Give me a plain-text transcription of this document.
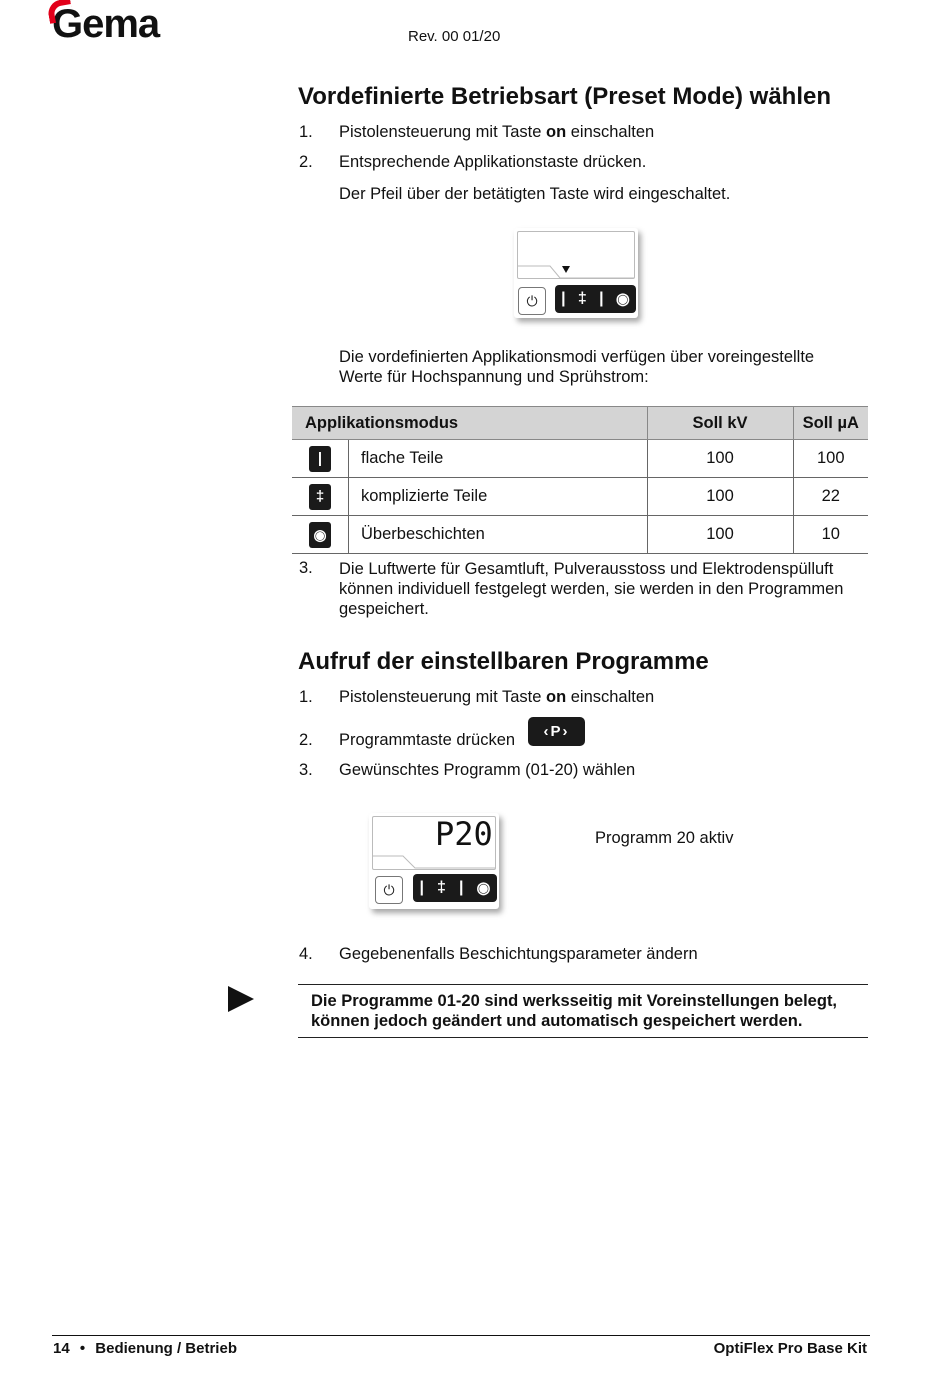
Gema	Rev. 00 01/20
Vordefinierte Betriebsart (Preset Mode) wählen
1. Pistolensteuerung mit Taste on einschalten
2. Entsprechende Applikationstaste drücken.
Der Pfeil über der betätigten Taste wird eingeschaltet.
⏻	| ‡ | ◉
Die vordefinierten Applikationsmodi verfügen über voreingestellte Werte für Hochspannung und Sprühstrom:
Applikationsmodus		Soll kV	Soll µA
|	flache Teile	100	100
‡	komplizierte Teile	100	22
◉	Überbeschichten	100	10
3. Die Luftwerte für Gesamtluft, Pulverausstoss und Elektrodenspülluft können individuell festgelegt werden, sie werden in den Programmen gespeichert.
Aufruf der einstellbaren Programme
1. Pistolensteuerung mit Taste on einschalten
2. Programmtaste drücken ‹ P ›
3. Gewünschtes Programm (01-20) wählen
P20
⏻	| ‡ | ◉
Programm 20 aktiv
4. Gegebenenfalls Beschichtungsparameter ändern
Die Programme 01-20 sind werksseitig mit Voreinstellungen belegt, können jedoch geändert und automatisch gespeichert werden.
14 • Bedienung / Betrieb	OptiFlex Pro Base Kit
